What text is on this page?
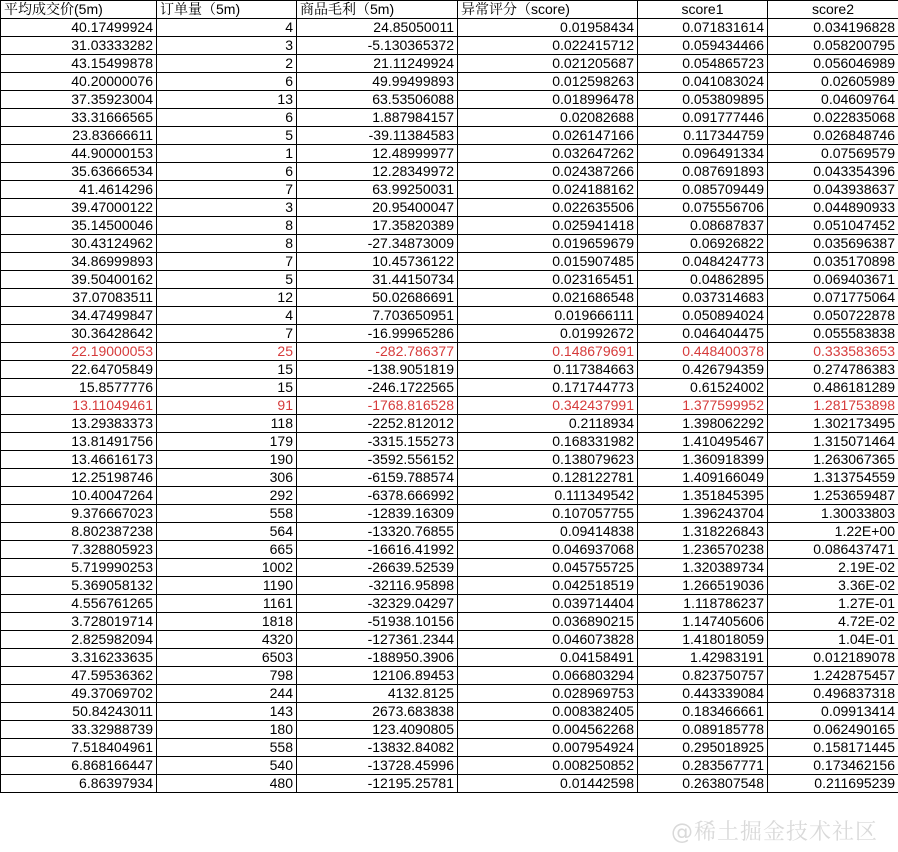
平均成交价(5m)	订单量（5m)	商品毛利（5m)	异常评分（score)	score1	score2
40.17499924	4	24.85050011	0.01958434	0.071831614	0.034196828
31.03333282	3	-5.130365372	0.022415712	0.059434466	0.058200795
43.15499878	2	21.11249924	0.021205687	0.054865723	0.056046989
40.20000076	6	49.99499893	0.012598263	0.041083024	0.02605989
37.35923004	13	63.53506088	0.018996478	0.053809895	0.04609764
33.31666565	6	1.887984157	0.02082688	0.091777446	0.022835068
23.83666611	5	-39.11384583	0.026147166	0.117344759	0.026848746
44.90000153	1	12.48999977	0.032647262	0.096491334	0.07569579
35.63666534	6	12.28349972	0.024387266	0.087691893	0.043354396
41.4614296	7	63.99250031	0.024188162	0.085709449	0.043938637
39.47000122	3	20.95400047	0.022635506	0.075556706	0.044890933
35.14500046	8	17.35820389	0.025941418	0.08687837	0.051047452
30.43124962	8	-27.34873009	0.019659679	0.06926822	0.035696387
34.86999893	7	10.45736122	0.015907485	0.048424773	0.035170898
39.50400162	5	31.44150734	0.023165451	0.04862895	0.069403671
37.07083511	12	50.02686691	0.021686548	0.037314683	0.071775064
34.47499847	4	7.703650951	0.019666111	0.050894024	0.050722878
30.36428642	7	-16.99965286	0.01992672	0.046404475	0.055583838
22.19000053	25	-282.786377	0.148679691	0.448400378	0.333583653
22.64705849	15	-138.9051819	0.117384663	0.426794359	0.274786383
15.8577776	15	-246.1722565	0.171744773	0.61524002	0.486181289
13.11049461	91	-1768.816528	0.342437991	1.377599952	1.281753898
13.29383373	118	-2252.812012	0.2118934	1.398062292	1.302173495
13.81491756	179	-3315.155273	0.168331982	1.410495467	1.315071464
13.46616173	190	-3592.556152	0.138079623	1.360918399	1.263067365
12.25198746	306	-6159.788574	0.128122781	1.409166049	1.313754559
10.40047264	292	-6378.666992	0.111349542	1.351845395	1.253659487
9.376667023	558	-12839.16309	0.107057755	1.396243704	1.30033803
8.802387238	564	-13320.76855	0.09414838	1.318226843	1.22E+00
7.328805923	665	-16616.41992	0.046937068	1.236570238	0.086437471
5.719990253	1002	-26639.52539	0.045755725	1.320389734	2.19E-02
5.369058132	1190	-32116.95898	0.042518519	1.266519036	3.36E-02
4.556761265	1161	-32329.04297	0.039714404	1.118786237	1.27E-01
3.728019714	1818	-51938.10156	0.036890215	1.147405606	4.72E-02
2.825982094	4320	-127361.2344	0.046073828	1.418018059	1.04E-01
3.316233635	6503	-188950.3906	0.04158491	1.42983191	0.012189078
47.59536362	798	12106.89453	0.066803294	0.823750757	1.242875457
49.37069702	244	4132.8125	0.028969753	0.443339084	0.496837318
50.84243011	143	2673.683838	0.008382405	0.183466661	0.09913414
33.32988739	180	123.4090805	0.004562268	0.089185778	0.062490165
7.518404961	558	-13832.84082	0.007954924	0.295018925	0.158171445
6.868166447	540	-13728.45996	0.008250852	0.283567771	0.173462156
6.86397934	480	-12195.25781	0.01442598	0.263807548	0.211695239
@稀土掘金技术社区
